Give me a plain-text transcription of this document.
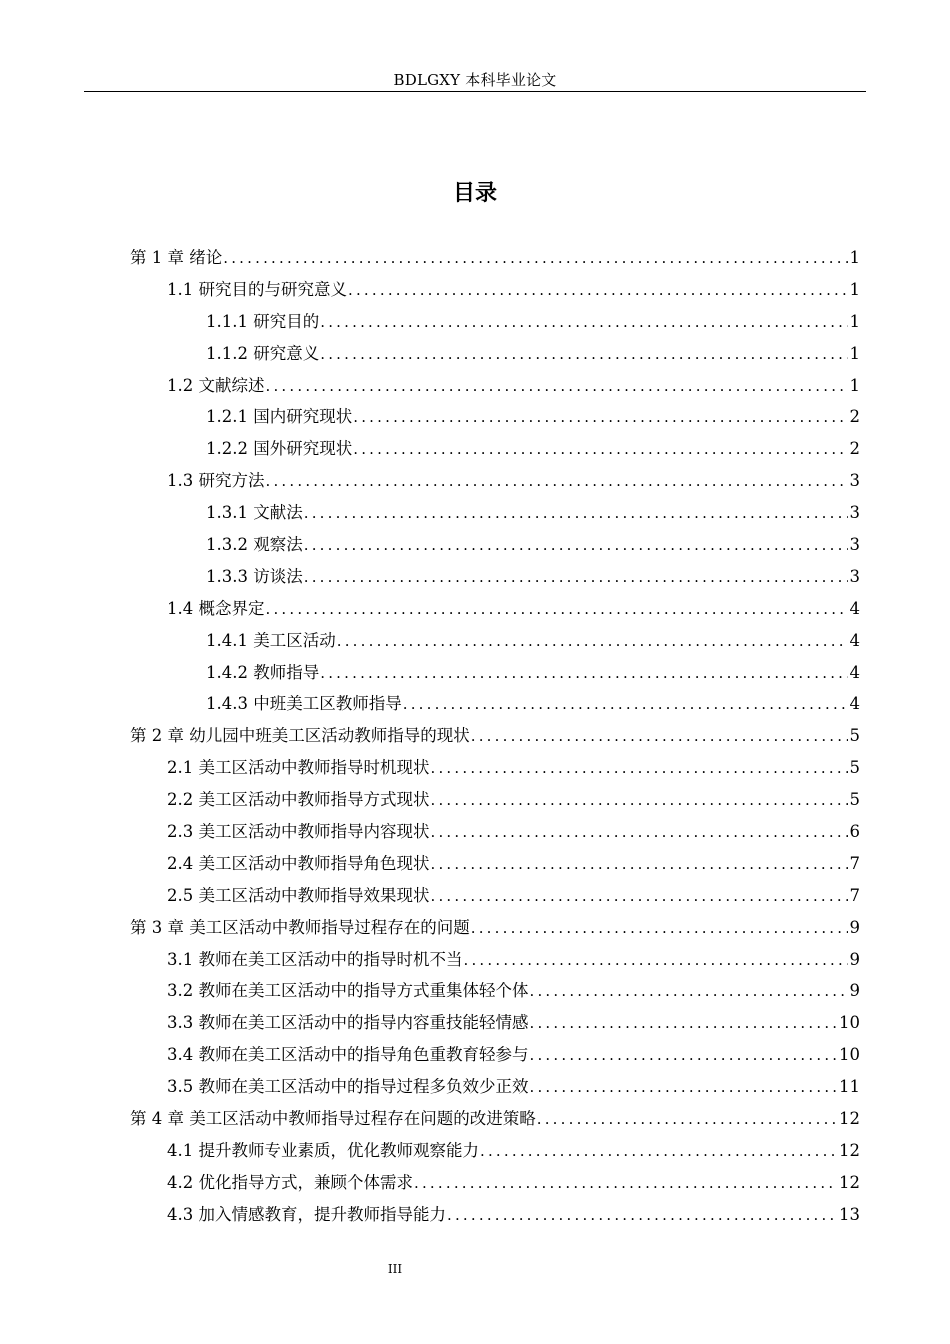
BDLGXY 本科毕业论文
目录
第 1 章 绪论 .....	1
1.1 研究目的与研究意义 .....	1
1.1.1 研究目的 .....	1
1.1.2 研究意义 .....	1
1.2 文献综述 .....	1
1.2.1 国内研究现状 .....	2
1.2.2 国外研究现状 .....	2
1.3 研究方法 .....	3
1.3.1 文献法 .....	3
1.3.2 观察法 .....	3
1.3.3 访谈法 .....	3
1.4 概念界定 .....	4
1.4.1 美工区活动 .....	4
1.4.2 教师指导 .....	4
1.4.3 中班美工区教师指导 .....	4
第 2 章 幼儿园中班美工区活动教师指导的现状 .....	5
2.1 美工区活动中教师指导时机现状 .....	5
2.2 美工区活动中教师指导方式现状 .....	5
2.3 美工区活动中教师指导内容现状 .....	6
2.4 美工区活动中教师指导角色现状 .....	7
2.5 美工区活动中教师指导效果现状 .....	7
第 3 章 美工区活动中教师指导过程存在的问题 .....	9
3.1 教师在美工区活动中的指导时机不当 .....	9
3.2 教师在美工区活动中的指导方式重集体轻个体 .....	9
3.3 教师在美工区活动中的指导内容重技能轻情感 .....	10
3.4 教师在美工区活动中的指导角色重教育轻参与 .....	10
3.5 教师在美工区活动中的指导过程多负效少正效 .....	11
第 4 章 美工区活动中教师指导过程存在问题的改进策略 .....	12
4.1 提升教师专业素质，优化教师观察能力 .....	12
4.2 优化指导方式，兼顾个体需求 .....	12
4.3 加入情感教育，提升教师指导能力 .....	13
III
